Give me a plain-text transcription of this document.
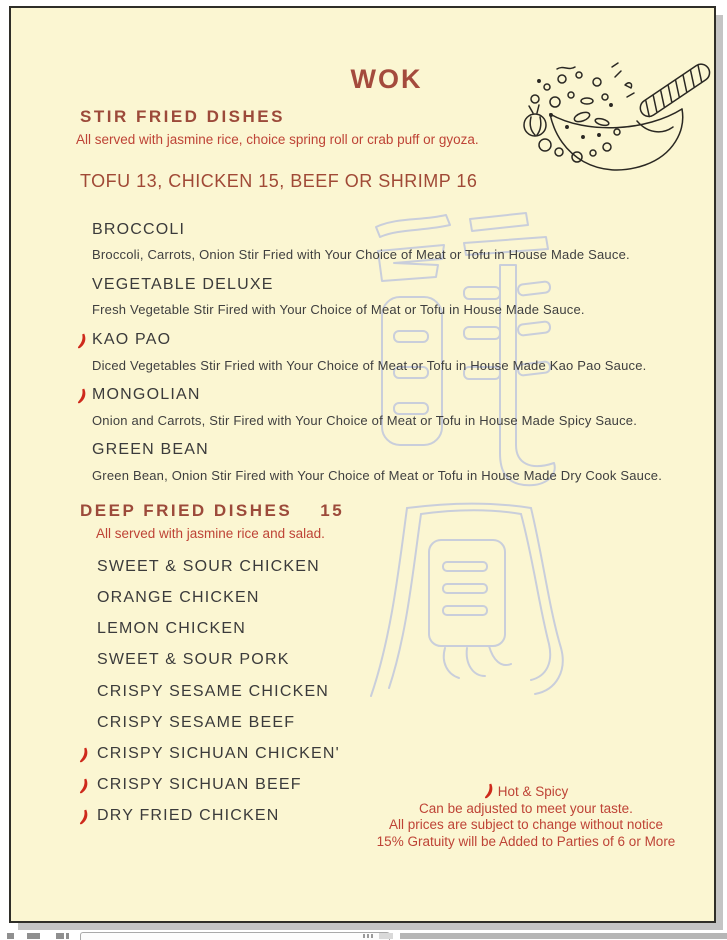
WOK
STIR FRIED DISHES
All served with jasmine rice, choice spring roll or crab puff or gyoza.
TOFU 13, CHICKEN 15, BEEF OR SHRIMP 16
BROCCOLI
Broccoli, Carrots, Onion Stir Fried with Your Choice of Meat or Tofu in House Made Sauce.
VEGETABLE DELUXE
Fresh Vegetable Stir Fired with Your Choice of Meat or Tofu in House Made Sauce.
KAO PAO
Diced Vegetables Stir Fried with Your Choice of Meat or Tofu in House Made Kao Pao Sauce.
MONGOLIAN
Onion and Carrots, Stir Fired with Your Choice of Meat or Tofu in House Made Spicy Sauce.
GREEN BEAN
Green Bean, Onion Stir Fired with Your Choice of Meat or Tofu in House Made Dry Cook Sauce.
DEEP FRIED DISHES 15
All served with jasmine rice and salad.
SWEET & SOUR CHICKEN
ORANGE CHICKEN
LEMON CHICKEN
SWEET & SOUR PORK
CRISPY SESAME CHICKEN
CRISPY SESAME BEEF
CRISPY SICHUAN CHICKEN'
CRISPY SICHUAN BEEF
DRY FRIED CHICKEN
Hot & Spicy
Can be adjusted to meet your taste.
All prices are subject to change without notice
15% Gratuity will be Added to Parties of 6 or More
